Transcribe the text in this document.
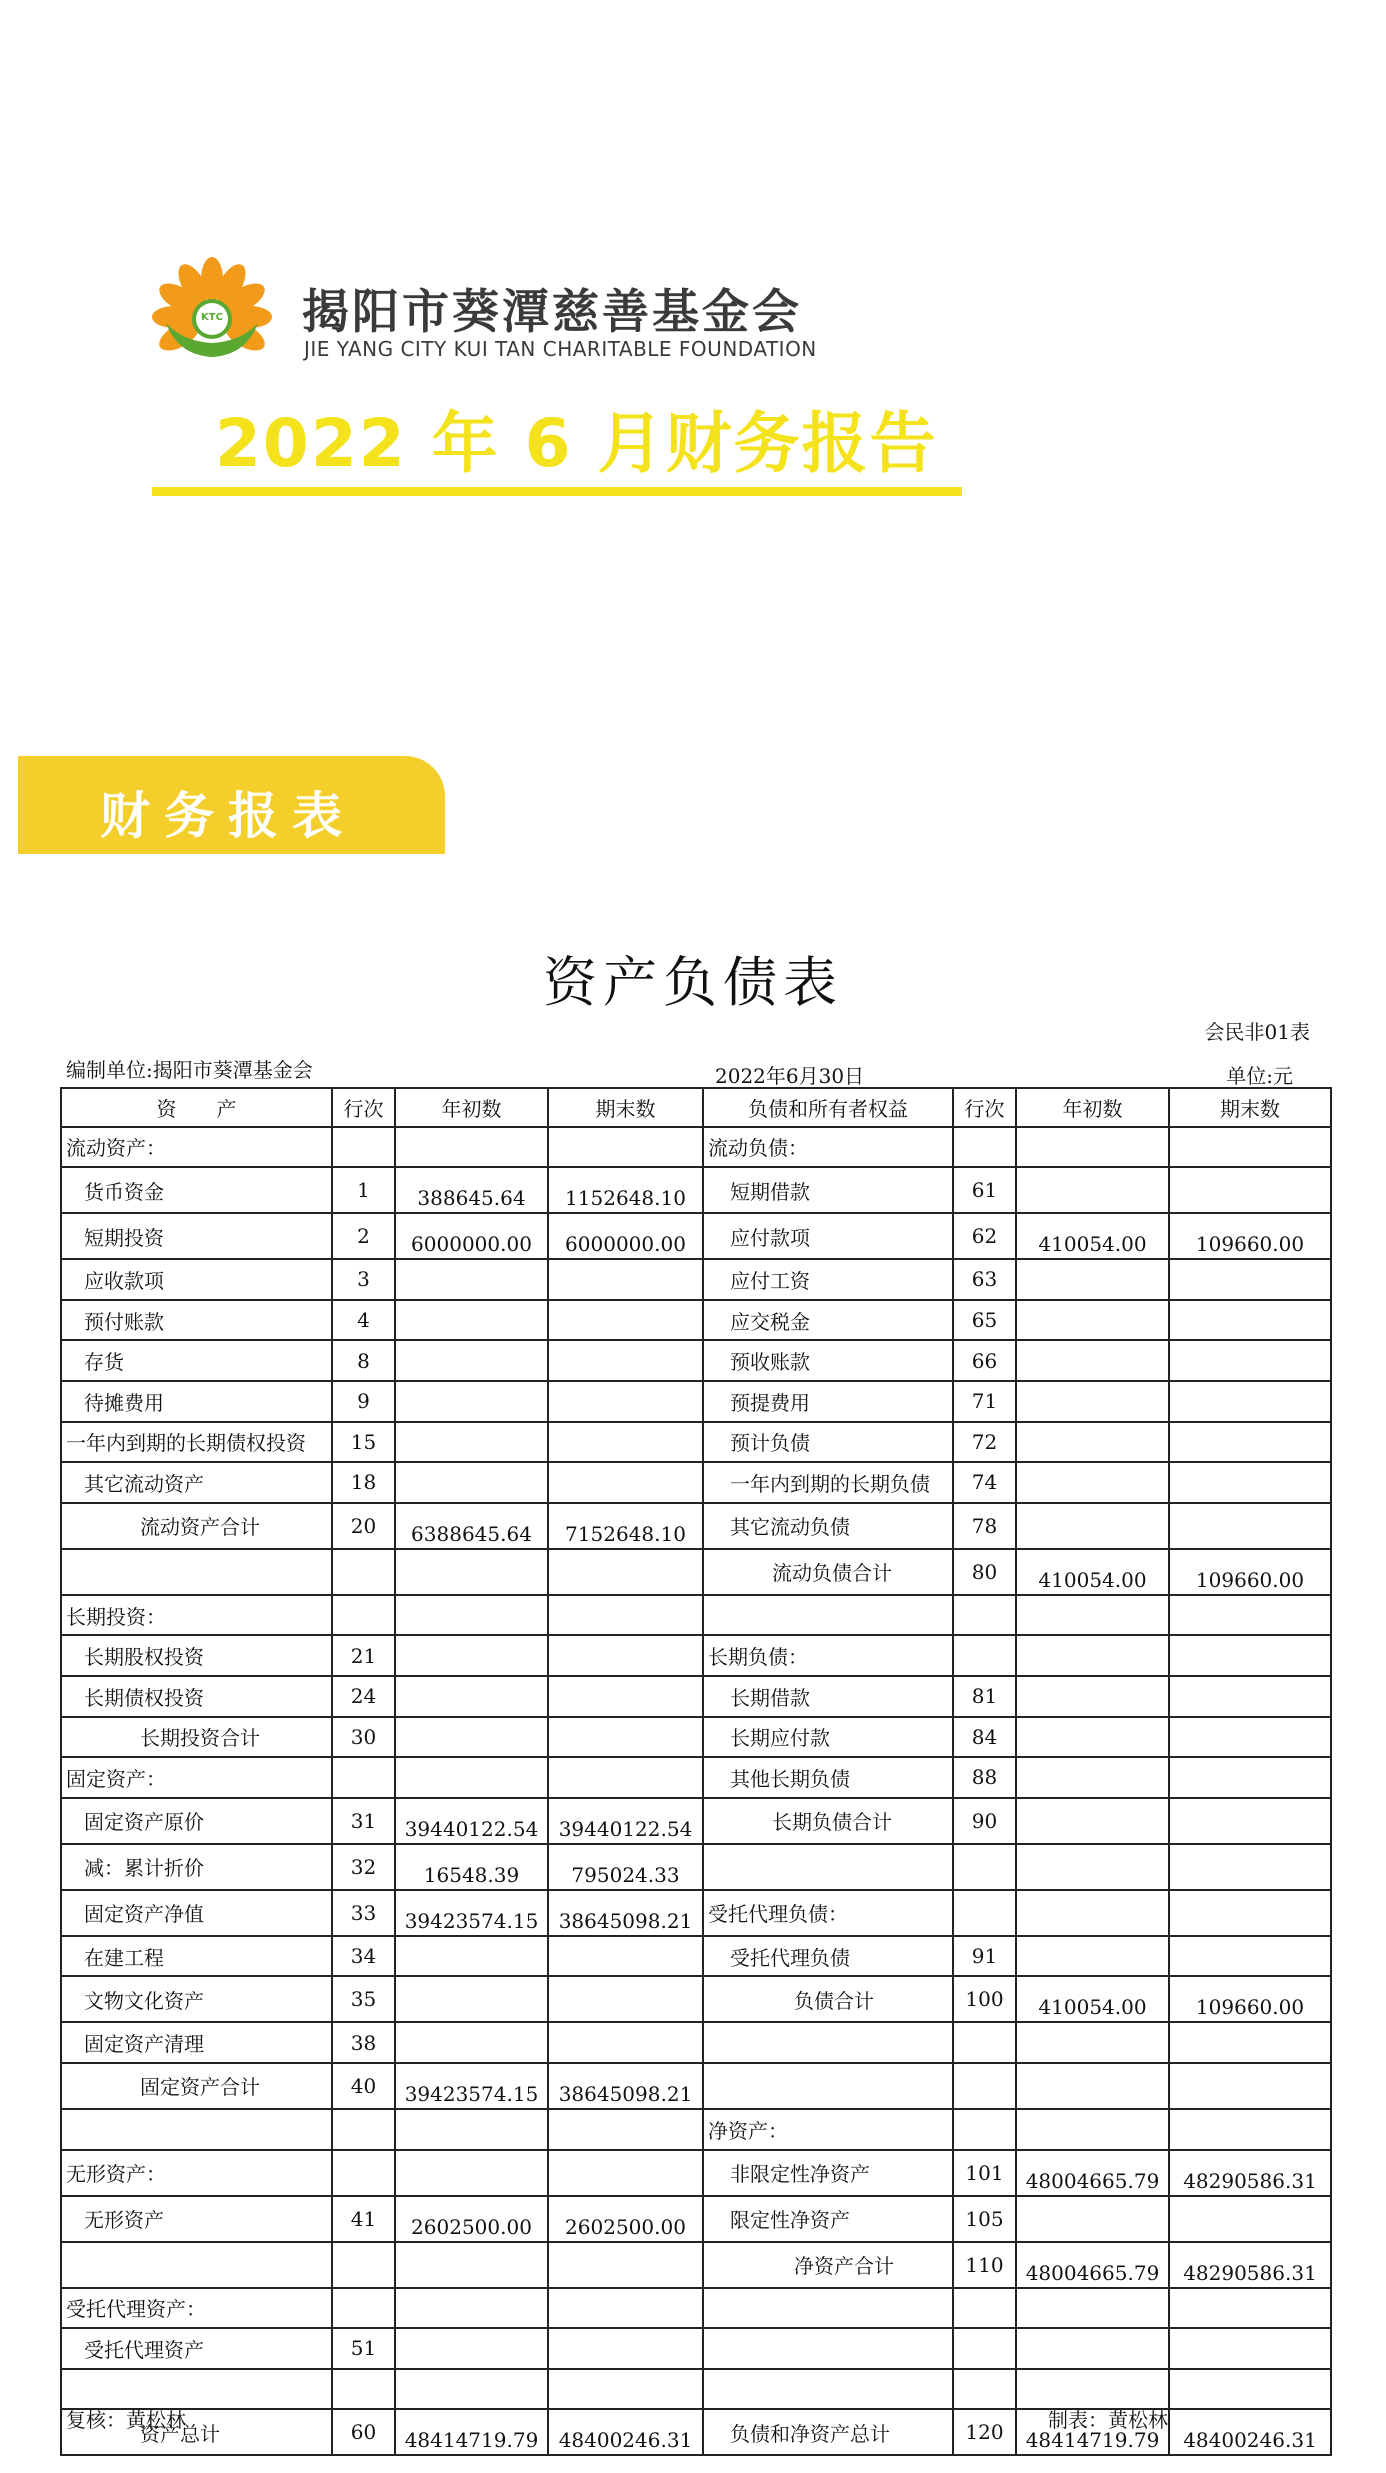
KTC 揭阳市葵潭慈善基金会
JIE YANG CITY KUI TAN CHARITABLE FOUNDATION
2022 年 6 月财务报告
财务报表
资产负债表
会民非01表
编制单位:揭阳市葵潭基金会	2022年6月30日	单位:元
资　　产	行次	年初数	期末数	负债和所有者权益	行次	年初数	期末数
流动资产：				流动负债：			
货币资金	1	388645.64	1152648.10	短期借款	61		
短期投资	2	6000000.00	6000000.00	应付款项	62	410054.00	109660.00
应收款项	3			应付工资	63		
预付账款	4			应交税金	65		
存货	8			预收账款	66		
待摊费用	9			预提费用	71		
一年内到期的长期债权投资	15			预计负债	72		
其它流动资产	18			一年内到期的长期负债	74		
流动资产合计	20	6388645.64	7152648.10	其它流动负债	78		
				流动负债合计	80	410054.00	109660.00
长期投资：							
长期股权投资	21			长期负债：			
长期债权投资	24			长期借款	81		
长期投资合计	30			长期应付款	84		
固定资产：				其他长期负债	88		
固定资产原价	31	39440122.54	39440122.54	长期负债合计	90		
减：累计折价	32	16548.39	795024.33				
固定资产净值	33	39423574.15	38645098.21	受托代理负债：			
在建工程	34			受托代理负债	91		
文物文化资产	35			负债合计	100	410054.00	109660.00
固定资产清理	38						
固定资产合计	40	39423574.15	38645098.21				
				净资产：			
无形资产：				非限定性净资产	101	48004665.79	48290586.31
无形资产	41	2602500.00	2602500.00	限定性净资产	105		
				净资产合计	110	48004665.79	48290586.31
受托代理资产：							
受托代理资产	51						

资产总计	60	48414719.79	48400246.31	负债和净资产总计	120	48414719.79	48400246.31
复核：黄松林	制表：黄松林
